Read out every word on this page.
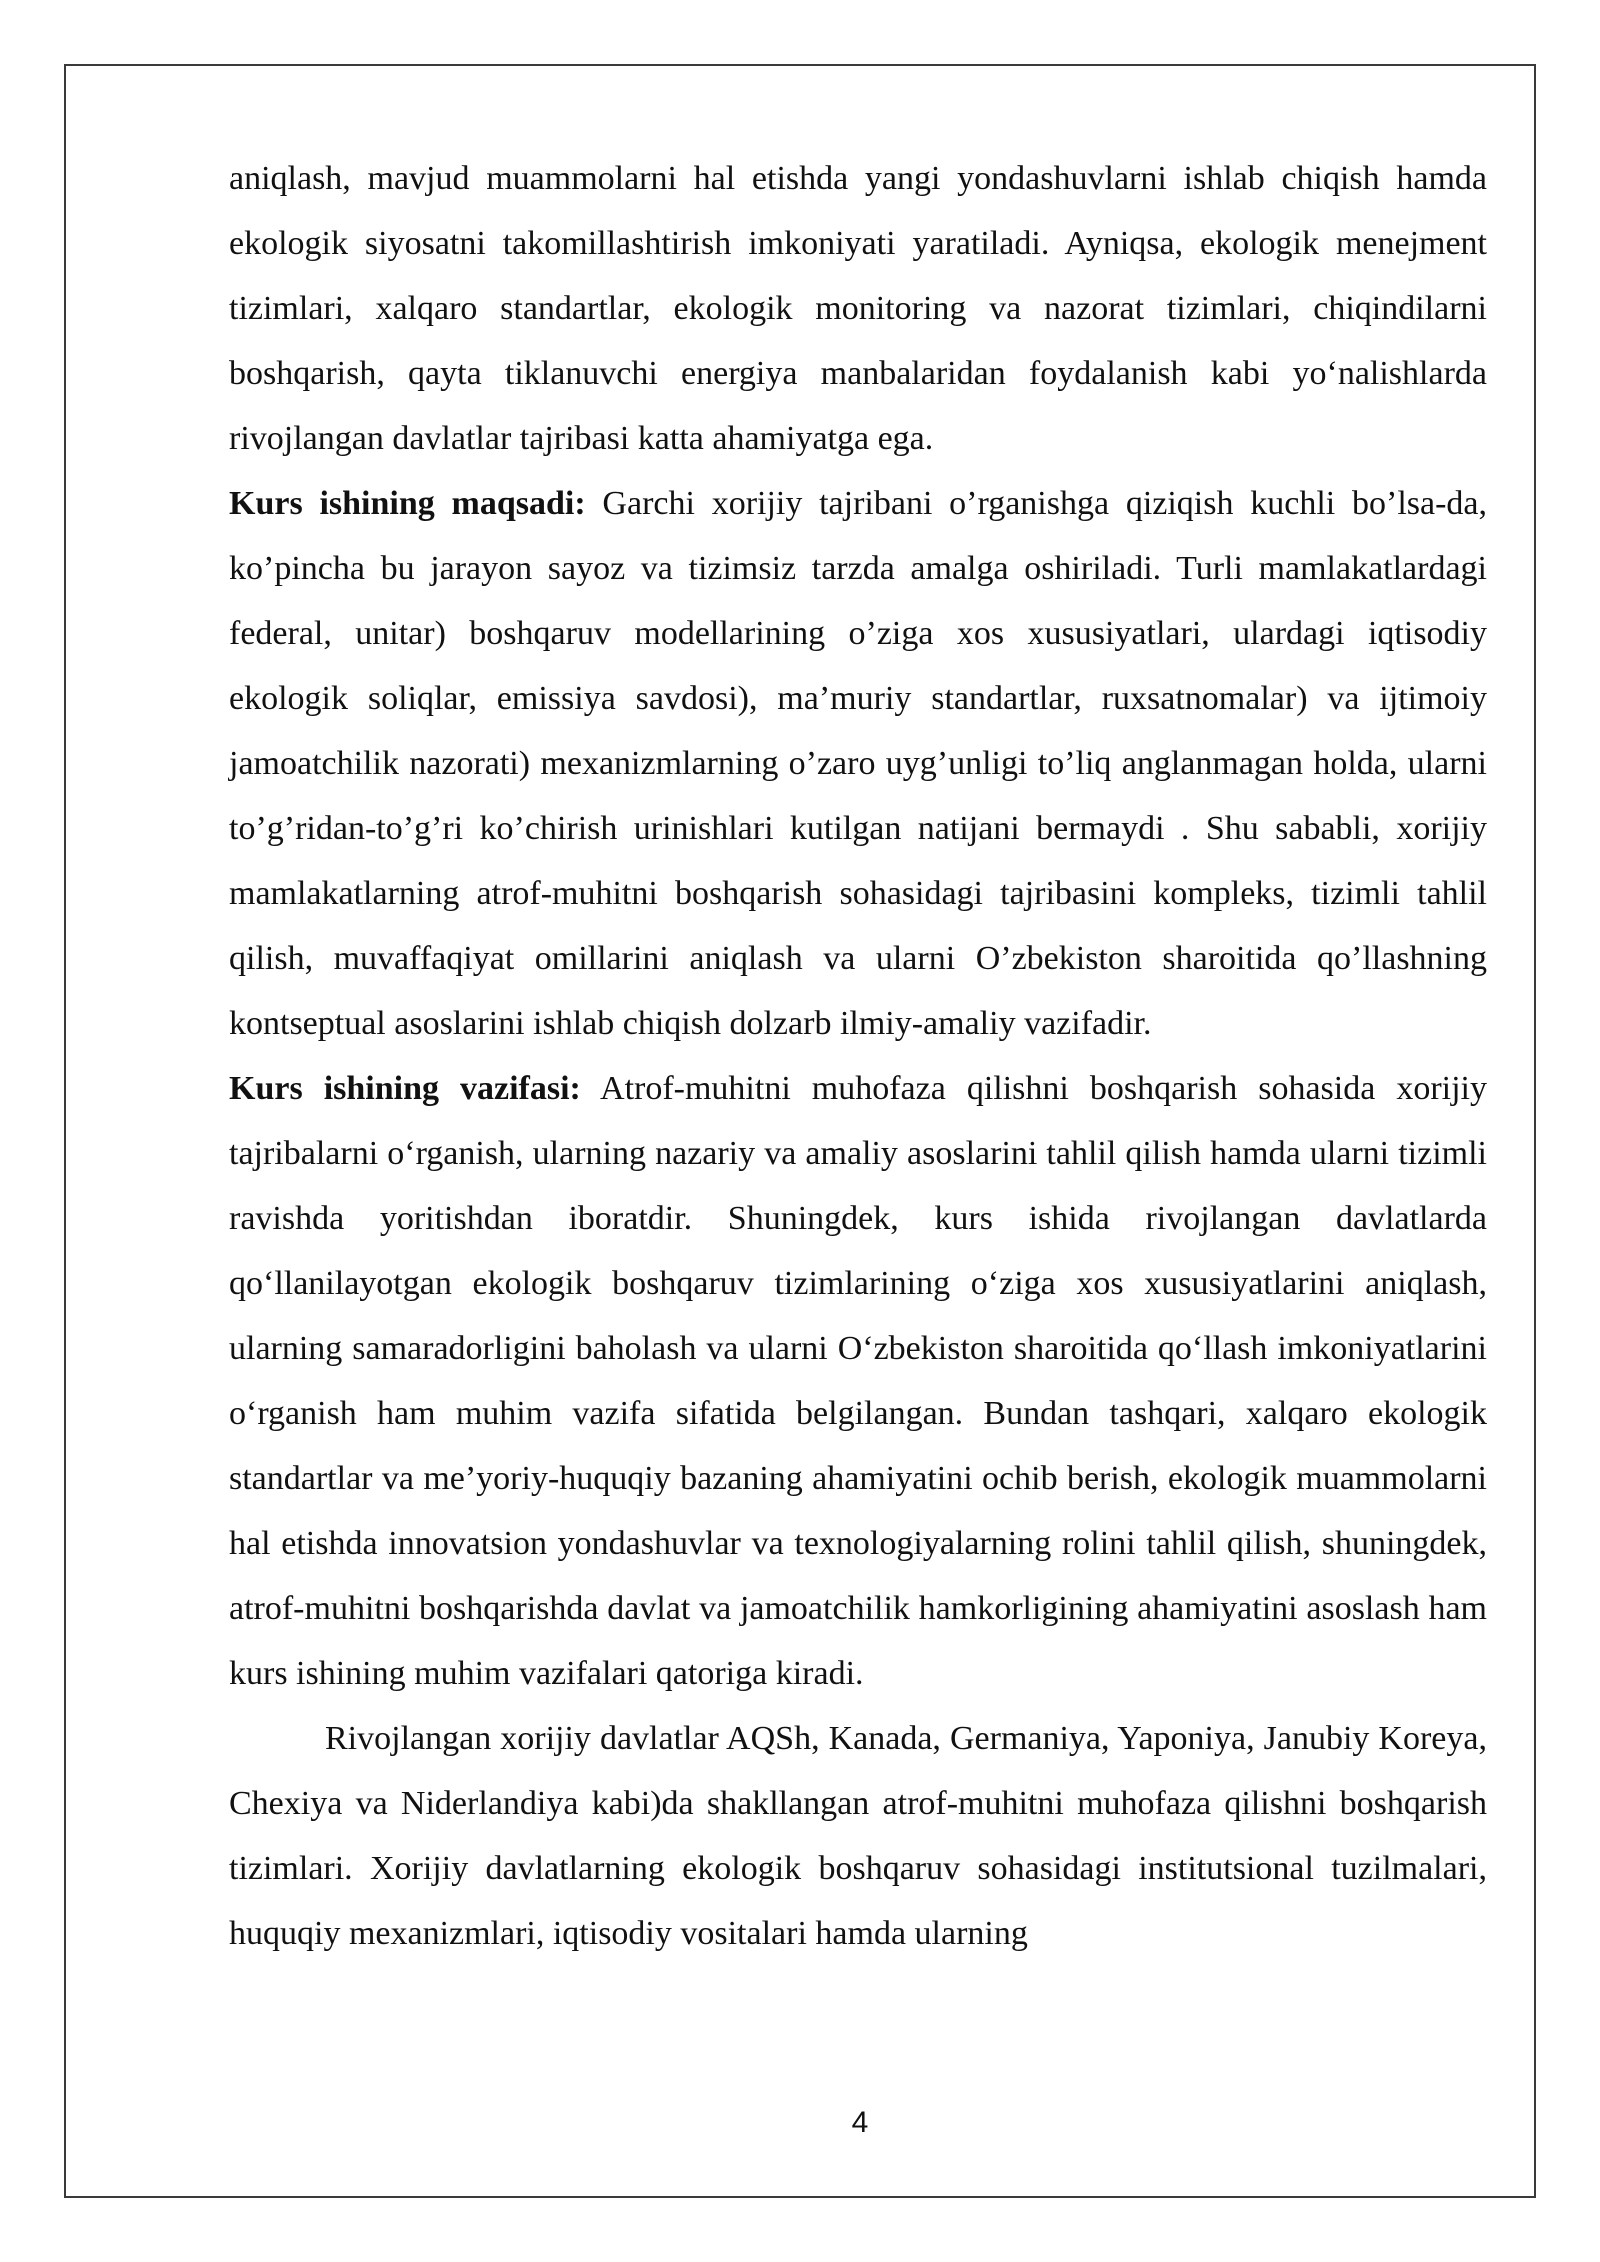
aniqlash, mavjud muammolarni hal etishda yangi yondashuvlarni ishlab chiqish hamda ekologik siyosatni takomillashtirish imkoniyati yaratiladi. Ayniqsa, ekologik menejment tizimlari, xalqaro standartlar, ekologik monitoring va nazorat tizimlari, chiqindilarni boshqarish, qayta tiklanuvchi energiya manbalaridan foydalanish kabi yoʻnalishlarda rivojlangan davlatlar tajribasi katta ahamiyatga ega.

Kurs ishining maqsadi: Garchi xorijiy tajribani o’rganishga qiziqish kuchli bo’lsa-da, ko’pincha bu jarayon sayoz va tizimsiz tarzda amalga oshiriladi. Turli mamlakatlardagi federal, unitar) boshqaruv modellarining o’ziga xos xususiyatlari, ulardagi iqtisodiy ekologik soliqlar, emissiya savdosi), ma’muriy standartlar, ruxsatnomalar) va ijtimoiy jamoatchilik nazorati) mexanizmlarning o’zaro uyg’unligi to’liq anglanmagan holda, ularni to’g’ridan-to’g’ri ko’chirish urinishlari kutilgan natijani bermaydi . Shu sababli, xorijiy mamlakatlarning atrof-muhitni boshqarish sohasidagi tajribasini kompleks, tizimli tahlil qilish, muvaffaqiyat omillarini aniqlash va ularni O’zbekiston sharoitida qo’llashning kontseptual asoslarini ishlab chiqish dolzarb ilmiy-amaliy vazifadir.

Kurs ishining vazifasi: Atrof-muhitni muhofaza qilishni boshqarish sohasida xorijiy tajribalarni oʻrganish, ularning nazariy va amaliy asoslarini tahlil qilish hamda ularni tizimli ravishda yoritishdan iboratdir. Shuningdek, kurs ishida rivojlangan davlatlarda qoʻllanilayotgan ekologik boshqaruv tizimlarining oʻziga xos xususiyatlarini aniqlash, ularning samaradorligini baholash va ularni Oʻzbekiston sharoitida qoʻllash imkoniyatlarini oʻrganish ham muhim vazifa sifatida belgilangan. Bundan tashqari, xalqaro ekologik standartlar va me’yoriy-huquqiy bazaning ahamiyatini ochib berish, ekologik muammolarni hal etishda innovatsion yondashuvlar va texnologiyalarning rolini tahlil qilish, shuningdek, atrof-muhitni boshqarishda davlat va jamoatchilik hamkorligining ahamiyatini asoslash ham kurs ishining muhim vazifalari qatoriga kiradi.

Rivojlangan xorijiy davlatlar AQSh, Kanada, Germaniya, Yaponiya, Janubiy Koreya, Chexiya va Niderlandiya kabi)da shakllangan atrof-muhitni muhofaza qilishni boshqarish tizimlari. Xorijiy davlatlarning ekologik boshqaruv sohasidagi institutsional tuzilmalari, huquqiy mexanizmlari, iqtisodiy vositalari hamda ularning

4
